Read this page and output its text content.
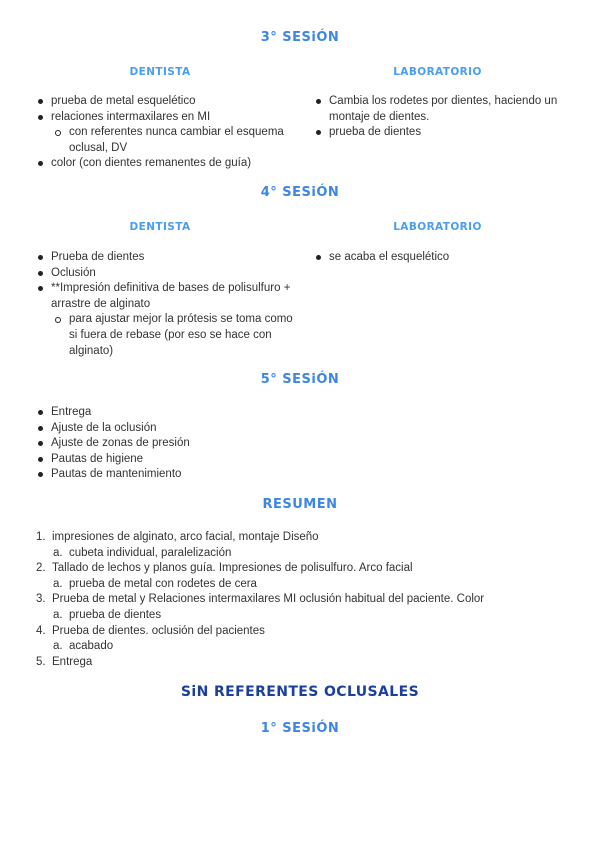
3° SESiÓN
DENTISTA	LABORATORIO
prueba de metal esquelético
relaciones intermaxilares en MI
con referentes nunca cambiar el esquema oclusal, DV
color (con dientes remanentes de guía)
Cambia los rodetes por dientes, haciendo un montaje de dientes.
prueba de dientes
4° SESiÓN
DENTISTA	LABORATORIO
Prueba de dientes
Oclusión
**Impresión definitiva de bases de polisulfuro + arrastre de alginato
para ajustar mejor la prótesis se toma como si fuera de rebase (por eso se hace con alginato)
se acaba el esquelético
5° SESiÓN
Entrega
Ajuste de la oclusión
Ajuste de zonas de presión
Pautas de higiene
Pautas de mantenimiento
RESUMEN
1. impresiones de alginato, arco facial, montaje Diseño
a. cubeta individual, paralelización
2. Tallado de lechos y planos guía. Impresiones de polisulfuro. Arco facial
a. prueba de metal con rodetes de cera
3. Prueba de metal y Relaciones intermaxilares MI oclusión habitual del paciente. Color
a. prueba de dientes
4. Prueba de dientes. oclusión del pacientes
a. acabado
5. Entrega
SiN REFERENTES OCLUSALES
1° SESiÓN
